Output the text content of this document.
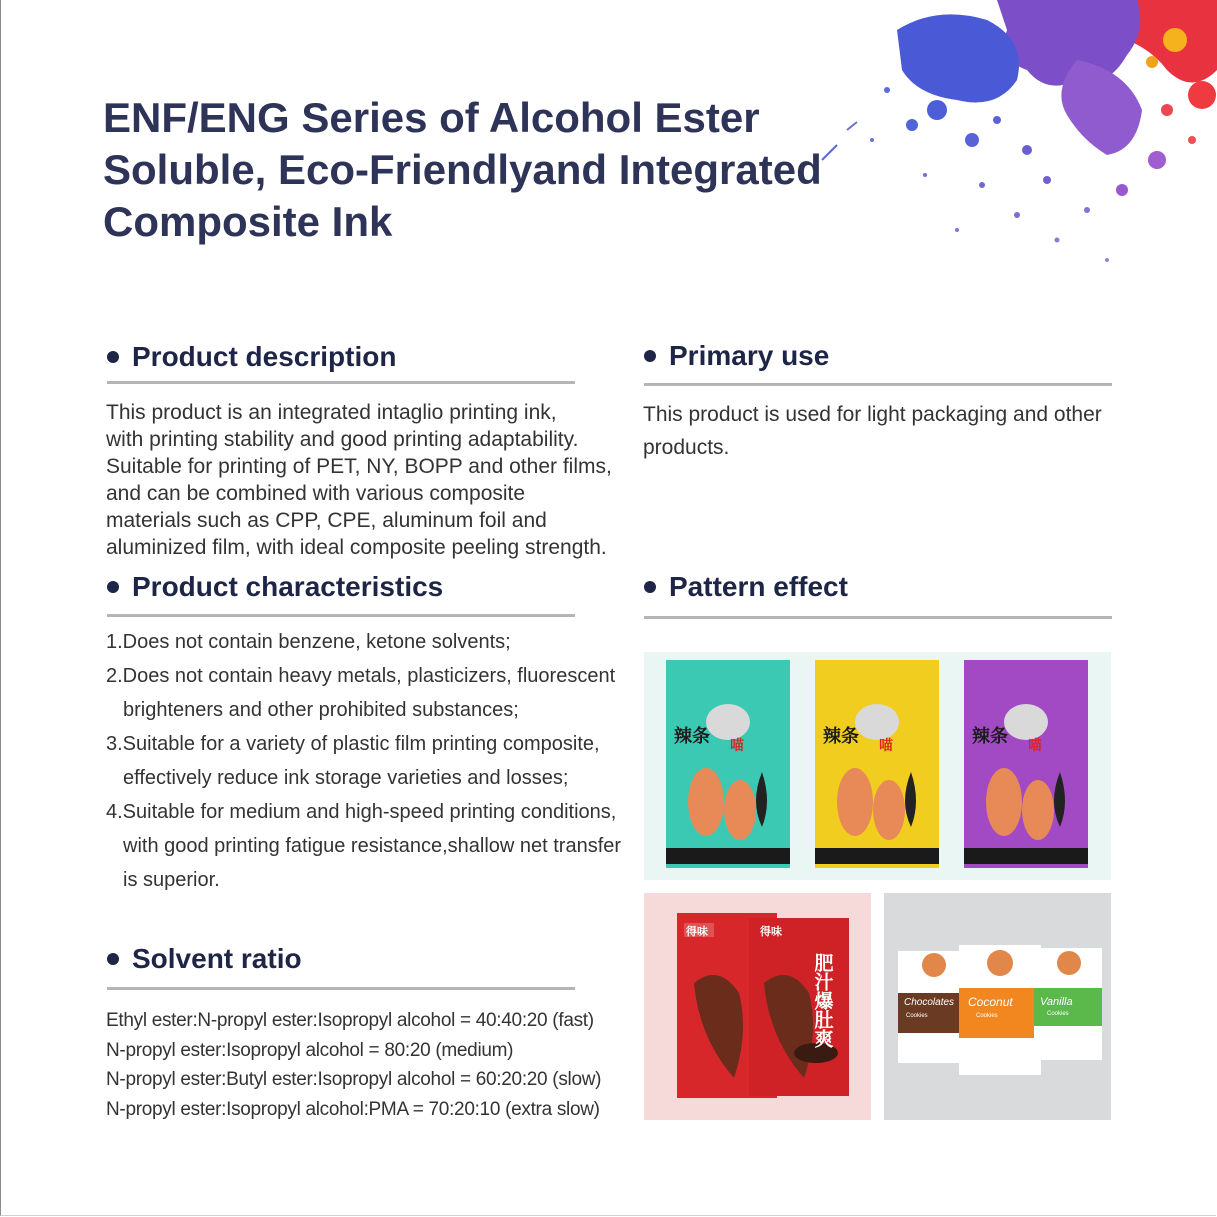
ENF/ENG Series of Alcohol Ester
Soluble, Eco-Friendlyand Integrated
Composite Ink
Product description
This product is an integrated intaglio printing ink,
with printing stability and good printing adaptability.
Suitable for printing of PET, NY, BOPP and other films,
and can be combined with various composite
materials such as CPP, CPE, aluminum foil and
aluminized film, with ideal composite peeling strength.
Primary use
This product is used for light packaging and other
products.
Product characteristics
1.Does not contain benzene, ketone solvents;
2.Does not contain heavy metals, plasticizers, fluorescent
brighteners and other prohibited substances;
3.Suitable for a variety of plastic film printing composite,
effectively reduce ink storage varieties and losses;
4.Suitable for medium and high-speed printing conditions,
with good printing fatigue resistance,shallow net transfer
is superior.
Pattern effect
辣条 喵	辣条 喵	辣条 喵
得味	得味
肥汁爆肚爽	Chocolates
Cookies
Coconut
Cookies
Vanilla
Cookies
Solvent ratio
Ethyl ester:N-propyl ester:Isopropyl alcohol = 40:40:20 (fast)
N-propyl ester:Isopropyl alcohol = 80:20 (medium)
N-propyl ester:Butyl ester:Isopropyl alcohol = 60:20:20 (slow)
N-propyl ester:Isopropyl alcohol:PMA = 70:20:10 (extra slow)
